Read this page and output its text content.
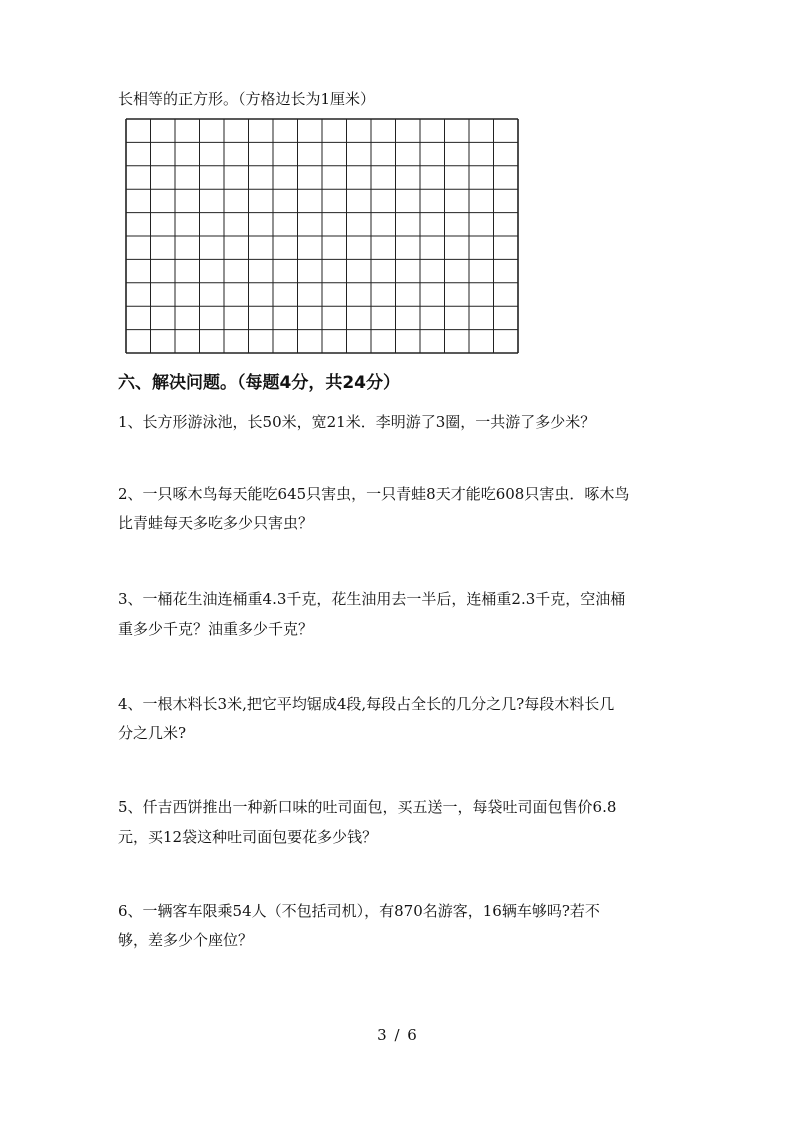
长相等的正方形。（方格边长为1厘米）
六、解决问题。（每题4分，共24分）
1、长方形游泳池，长50米，宽21米．李明游了3圈，一共游了多少米？
2、一只啄木鸟每天能吃645只害虫，一只青蛙8天才能吃608只害虫．啄木鸟
比青蛙每天多吃多少只害虫？
3、一桶花生油连桶重4.3千克，花生油用去一半后，连桶重2.3千克，空油桶
重多少千克？油重多少千克？
4、一根木料长3米,把它平均锯成4段,每段占全长的几分之几?每段木料长几
分之几米?
5、仟吉西饼推出一种新口味的吐司面包，买五送一，每袋吐司面包售价6.8
元，买12袋这种吐司面包要花多少钱？
6、一辆客车限乘54人（不包括司机），有870名游客，16辆车够吗?若不
够，差多少个座位？
3 / 6
